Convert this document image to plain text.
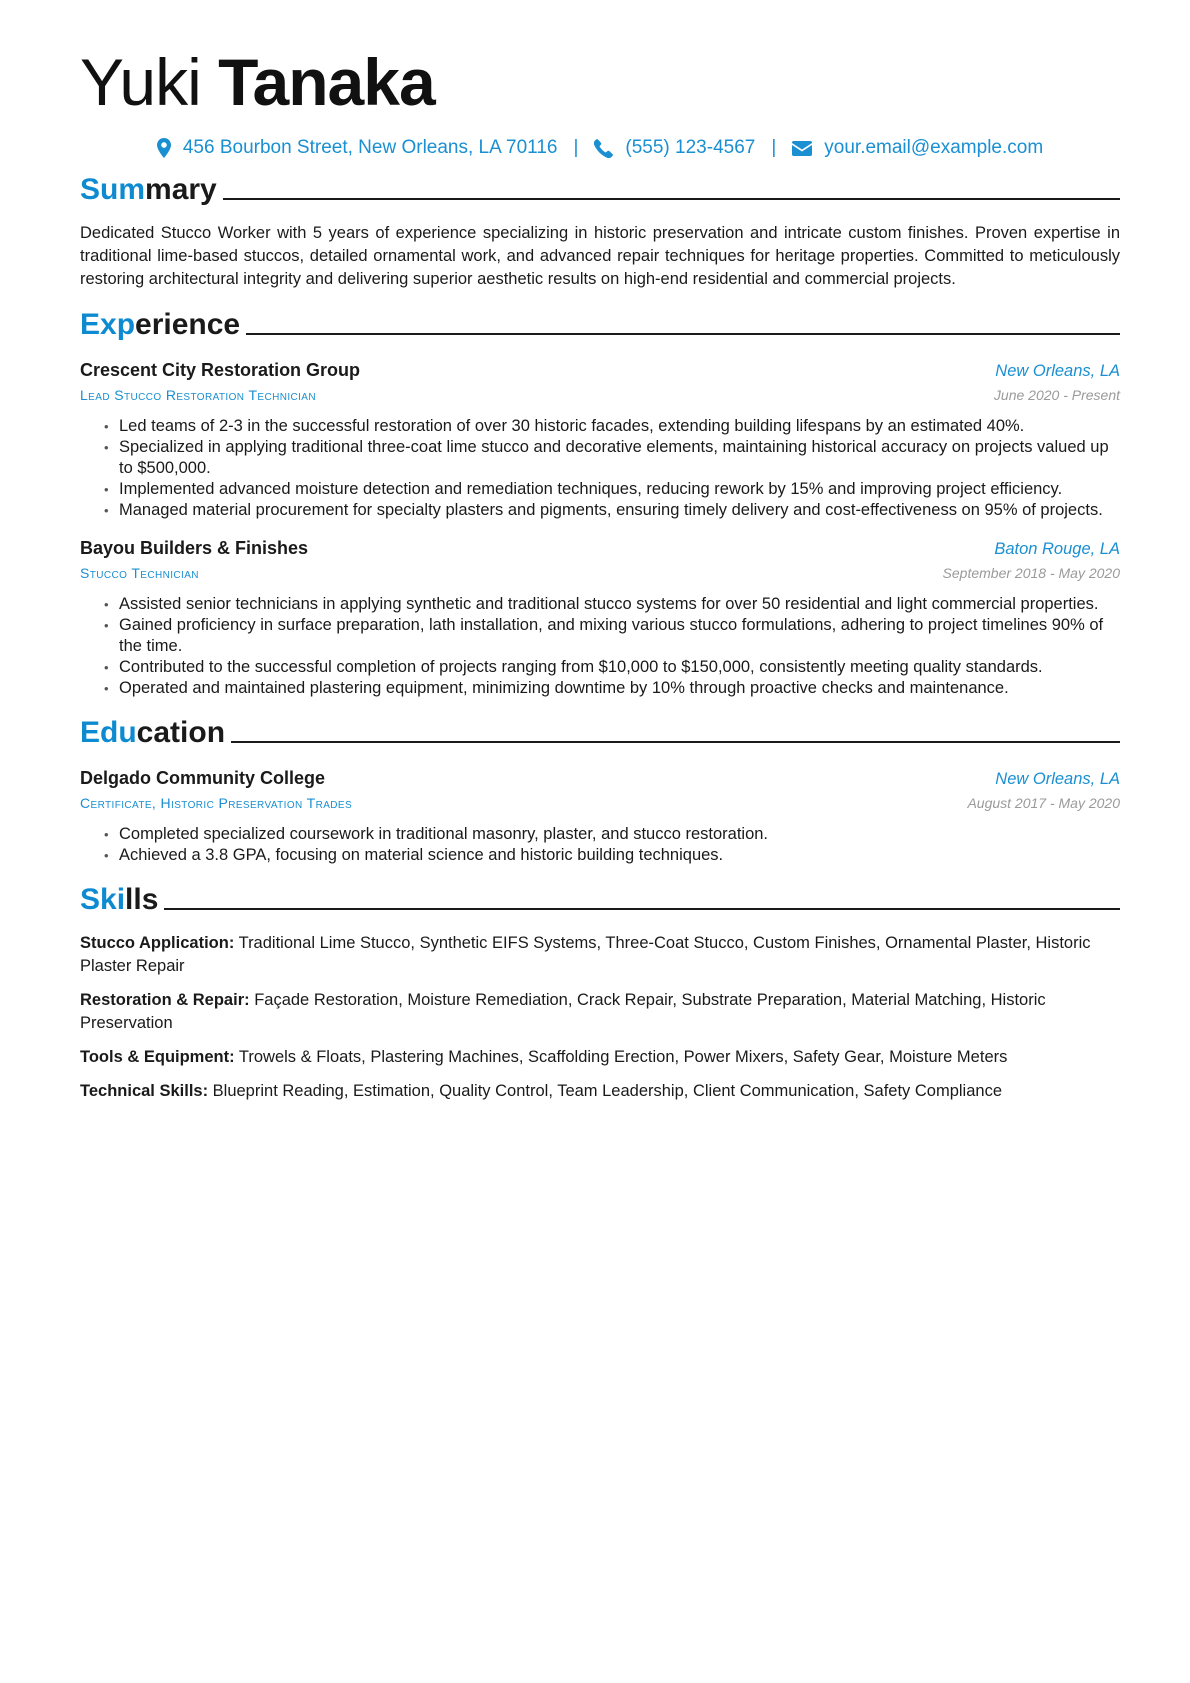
Yuki Tanaka
456 Bourbon Street, New Orleans, LA 70116 | (555) 123-4567 |	your.email@example.com
Summary

Dedicated Stucco Worker with 5 years of experience specializing in historic preservation and intricate custom finishes. Proven expertise in traditional lime-based stuccos, detailed ornamental work, and advanced repair techniques for heritage properties. Committed to meticulously restoring architectural integrity and delivering superior aesthetic results on high-end residential and commercial projects.

Experience
Crescent City Restoration Group	New Orleans, LA
Lead Stucco Restoration Technician	June 2020 - Present
• Led teams of 2-3 in the successful restoration of over 30 historic facades, extending building lifespans by an estimated 40%.
• Specialized in applying traditional three-coat lime stucco and decorative elements, maintaining historical accuracy on projects valued up to $500,000.
• Implemented advanced moisture detection and remediation techniques, reducing rework by 15% and improving project efficiency.
• Managed material procurement for specialty plasters and pigments, ensuring timely delivery and cost-effectiveness on 95% of projects.
Bayou Builders & Finishes	Baton Rouge, LA
Stucco Technician	September 2018 - May 2020
• Assisted senior technicians in applying synthetic and traditional stucco systems for over 50 residential and light commercial properties.
• Gained proficiency in surface preparation, lath installation, and mixing various stucco formulations, adhering to project timelines 90% of the time.
• Contributed to the successful completion of projects ranging from $10,000 to $150,000, consistently meeting quality standards.
• Operated and maintained plastering equipment, minimizing downtime by 10% through proactive checks and maintenance.
Education
Delgado Community College	New Orleans, LA
Certificate, Historic Preservation Trades	August 2017 - May 2020
• Completed specialized coursework in traditional masonry, plaster, and stucco restoration.
• Achieved a 3.8 GPA, focusing on material science and historic building techniques.
Skills

Stucco Application: Traditional Lime Stucco, Synthetic EIFS Systems, Three-Coat Stucco, Custom Finishes, Ornamental Plaster, Historic Plaster Repair

Restoration & Repair: Façade Restoration, Moisture Remediation, Crack Repair, Substrate Preparation, Material Matching, Historic Preservation

Tools & Equipment: Trowels & Floats, Plastering Machines, Scaffolding Erection, Power Mixers, Safety Gear, Moisture Meters

Technical Skills: Blueprint Reading, Estimation, Quality Control, Team Leadership, Client Communication, Safety Compliance
